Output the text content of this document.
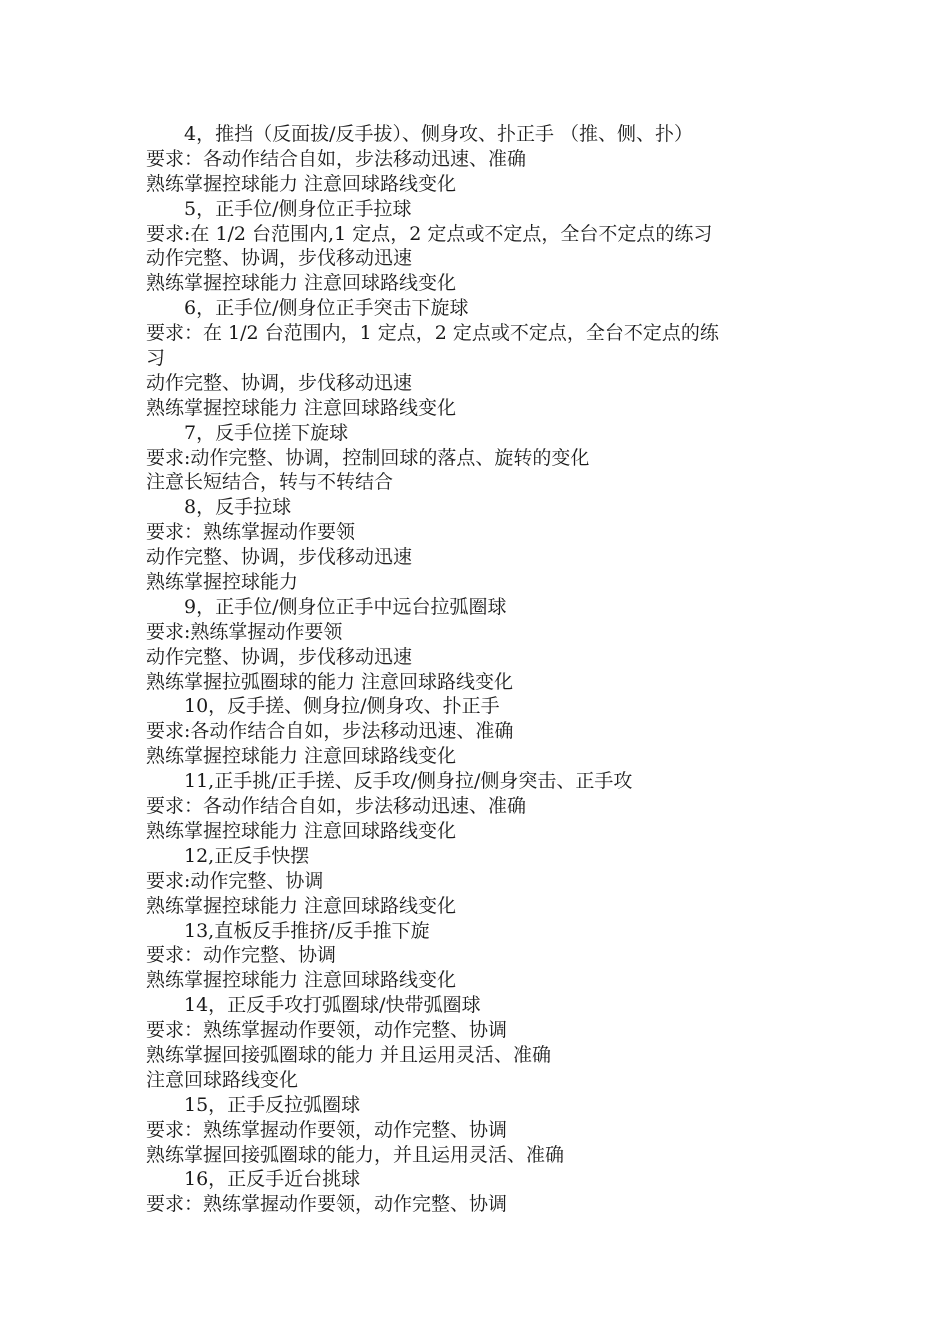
4，推挡（反面拔/反手拔）、侧身攻、扑正手 （推、侧、扑）
要求：各动作结合自如，步法移动迅速、准确
熟练掌握控球能力 注意回球路线变化
5，正手位/侧身位正手拉球
要求:在 1/2 台范围内,1 定点，2 定点或不定点，全台不定点的练习
动作完整、协调，步伐移动迅速
熟练掌握控球能力 注意回球路线变化
6，正手位/侧身位正手突击下旋球
要求：在 1/2 台范围内，1 定点，2 定点或不定点，全台不定点的练
习
动作完整、协调，步伐移动迅速
熟练掌握控球能力 注意回球路线变化
7，反手位搓下旋球
要求:动作完整、协调，控制回球的落点、旋转的变化
注意长短结合，转与不转结合
8，反手拉球
要求：熟练掌握动作要领
动作完整、协调，步伐移动迅速
熟练掌握控球能力
9，正手位/侧身位正手中远台拉弧圈球
要求:熟练掌握动作要领
动作完整、协调，步伐移动迅速
熟练掌握拉弧圈球的能力 注意回球路线变化
10，反手搓、侧身拉/侧身攻、扑正手
要求:各动作结合自如，步法移动迅速、准确
熟练掌握控球能力 注意回球路线变化
11,正手挑/正手搓、反手攻/侧身拉/侧身突击、正手攻
要求：各动作结合自如，步法移动迅速、准确
熟练掌握控球能力 注意回球路线变化
12,正反手快摆
要求:动作完整、协调
熟练掌握控球能力 注意回球路线变化
13,直板反手推挤/反手推下旋
要求：动作完整、协调
熟练掌握控球能力 注意回球路线变化
14，正反手攻打弧圈球/快带弧圈球
要求：熟练掌握动作要领，动作完整、协调
熟练掌握回接弧圈球的能力 并且运用灵活、准确
注意回球路线变化
15，正手反拉弧圈球
要求：熟练掌握动作要领，动作完整、协调
熟练掌握回接弧圈球的能力，并且运用灵活、准确
16，正反手近台挑球
要求：熟练掌握动作要领，动作完整、协调
